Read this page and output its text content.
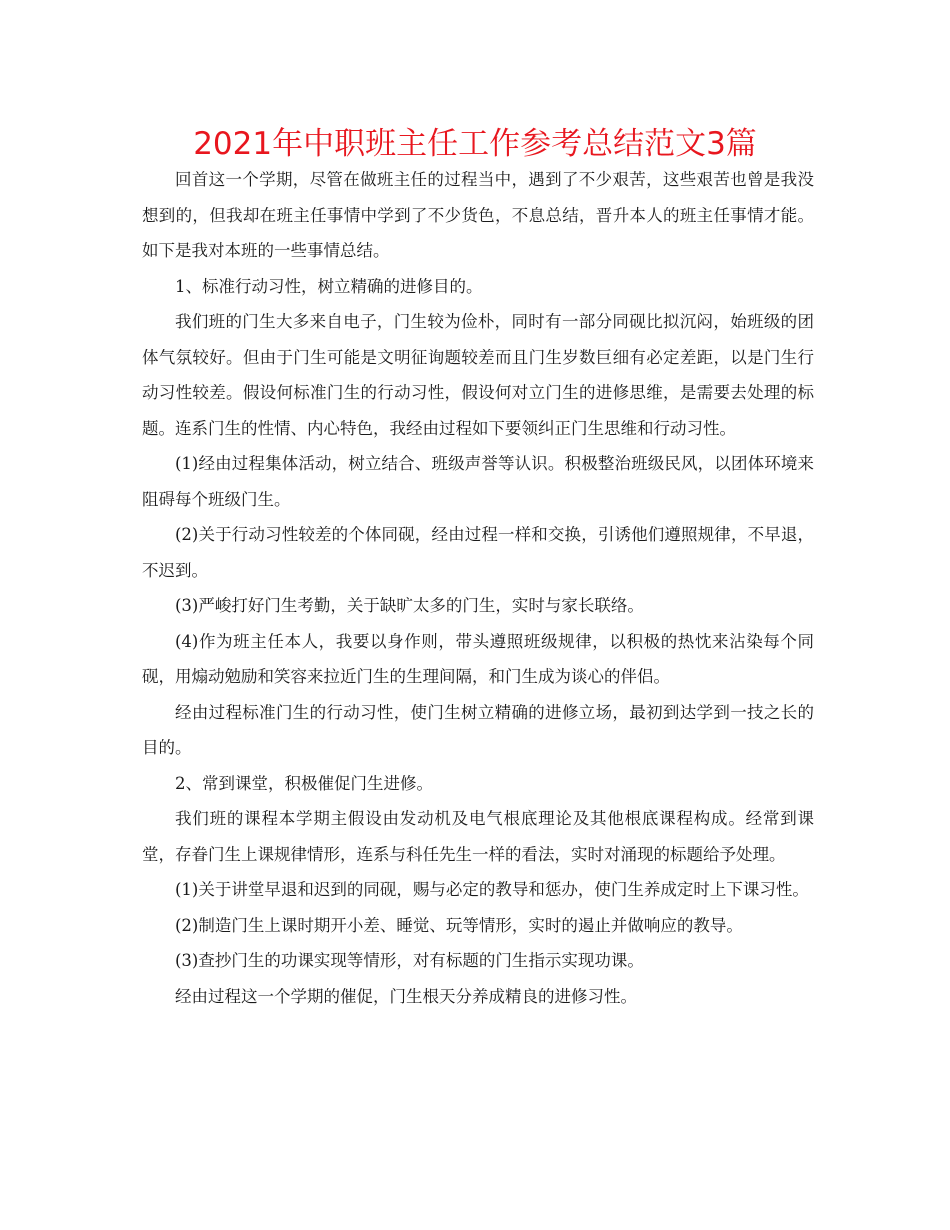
2021年中职班主任工作参考总结范文3篇

回首这一个学期，尽管在做班主任的过程当中，遇到了不少艰苦，这些艰苦也曾是我没想到的，但我却在班主任事情中学到了不少货色，不息总结，晋升本人的班主任事情才能。如下是我对本班的一些事情总结。

1、标准行动习性，树立精确的进修目的。

我们班的门生大多来自电子，门生较为俭朴，同时有一部分同砚比拟沉闷，始班级的团体气氛较好。但由于门生可能是文明征询题较差而且门生岁数巨细有必定差距，以是门生行动习性较差。假设何标准门生的行动习性，假设何对立门生的进修思维，是需要去处理的标题。连系门生的性情、内心特色，我经由过程如下要领纠正门生思维和行动习性。

(1)经由过程集体活动，树立结合、班级声誉等认识。积极整治班级民风，以团体环境来阻碍每个班级门生。

(2)关于行动习性较差的个体同砚，经由过程一样和交换，引诱他们遵照规律，不早退，不迟到。

(3)严峻打好门生考勤，关于缺旷太多的门生，实时与家长联络。

(4)作为班主任本人，我要以身作则，带头遵照班级规律，以积极的热忱来沾染每个同砚，用煽动勉励和笑容来拉近门生的生理间隔，和门生成为谈心的伴侣。

经由过程标准门生的行动习性，使门生树立精确的进修立场，最初到达学到一技之长的目的。

2、常到课堂，积极催促门生进修。

我们班的课程本学期主假设由发动机及电气根底理论及其他根底课程构成。经常到课堂，存眷门生上课规律情形，连系与科任先生一样的看法，实时对涌现的标题给予处理。

(1)关于讲堂早退和迟到的同砚，赐与必定的教导和惩办，使门生养成定时上下课习性。

(2)制造门生上课时期开小差、睡觉、玩等情形，实时的遏止并做响应的教导。

(3)查抄门生的功课实现等情形，对有标题的门生指示实现功课。

经由过程这一个学期的催促，门生根天分养成精良的进修习性。
